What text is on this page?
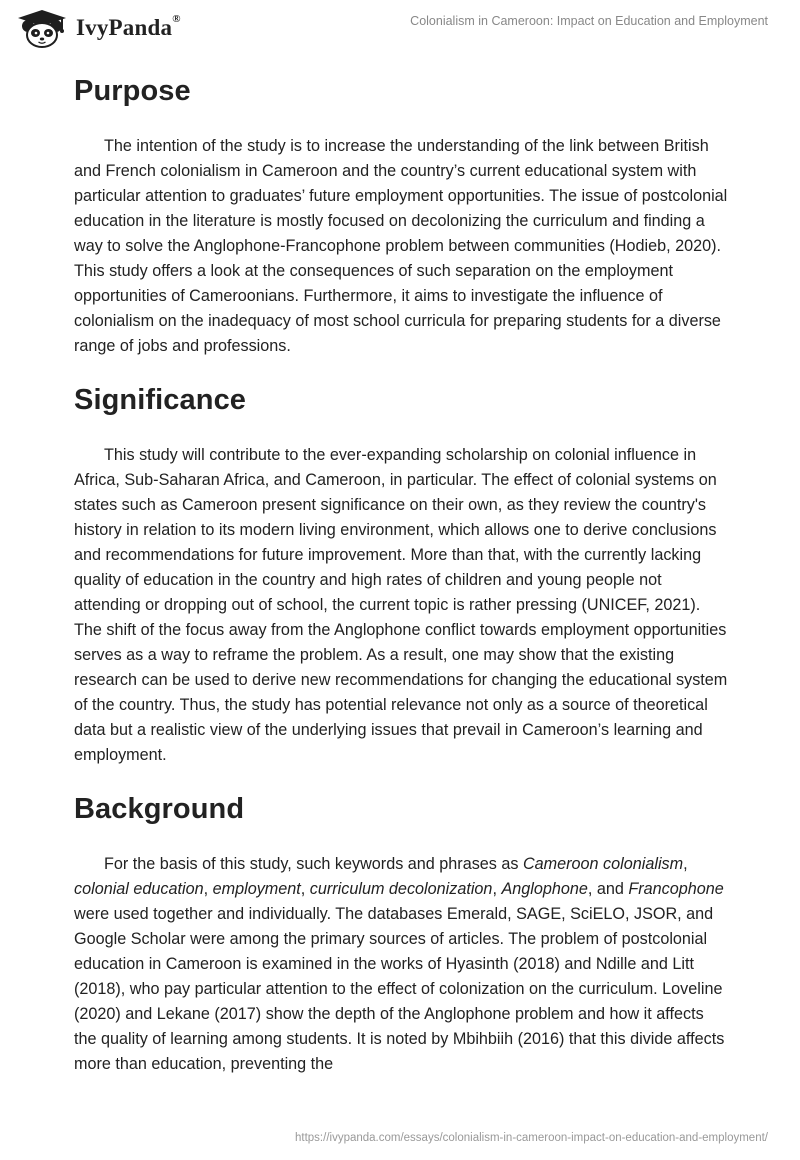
IvyPanda®	Colonialism in Cameroon: Impact on Education and Employment
Purpose

The intention of the study is to increase the understanding of the link between British and French colonialism in Cameroon and the country’s current educational system with particular attention to graduates’ future employment opportunities. The issue of postcolonial education in the literature is mostly focused on decolonizing the curriculum and finding a way to solve the Anglophone-Francophone problem between communities (Hodieb, 2020). This study offers a look at the consequences of such separation on the employment opportunities of Cameroonians. Furthermore, it aims to investigate the influence of colonialism on the inadequacy of most school curricula for preparing students for a diverse range of jobs and professions.

Significance

This study will contribute to the ever-expanding scholarship on colonial influence in Africa, Sub-Saharan Africa, and Cameroon, in particular. The effect of colonial systems on states such as Cameroon present significance on their own, as they review the country's history in relation to its modern living environment, which allows one to derive conclusions and recommendations for future improvement. More than that, with the currently lacking quality of education in the country and high rates of children and young people not attending or dropping out of school, the current topic is rather pressing (UNICEF, 2021). The shift of the focus away from the Anglophone conflict towards employment opportunities serves as a way to reframe the problem. As a result, one may show that the existing research can be used to derive new recommendations for changing the educational system of the country. Thus, the study has potential relevance not only as a source of theoretical data but a realistic view of the underlying issues that prevail in Cameroon’s learning and employment.

Background

For the basis of this study, such keywords and phrases as Cameroon colonialism, colonial education, employment, curriculum decolonization, Anglophone, and Francophone were used together and individually. The databases Emerald, SAGE, SciELO, JSOR, and Google Scholar were among the primary sources of articles. The problem of postcolonial education in Cameroon is examined in the works of Hyasinth (2018) and Ndille and Litt (2018), who pay particular attention to the effect of colonization on the curriculum. Loveline (2020) and Lekane (2017) show the depth of the Anglophone problem and how it affects the quality of learning among students. It is noted by Mbihbiih (2016) that this divide affects more than education, preventing the

https://ivypanda.com/essays/colonialism-in-cameroon-impact-on-education-and-employment/
